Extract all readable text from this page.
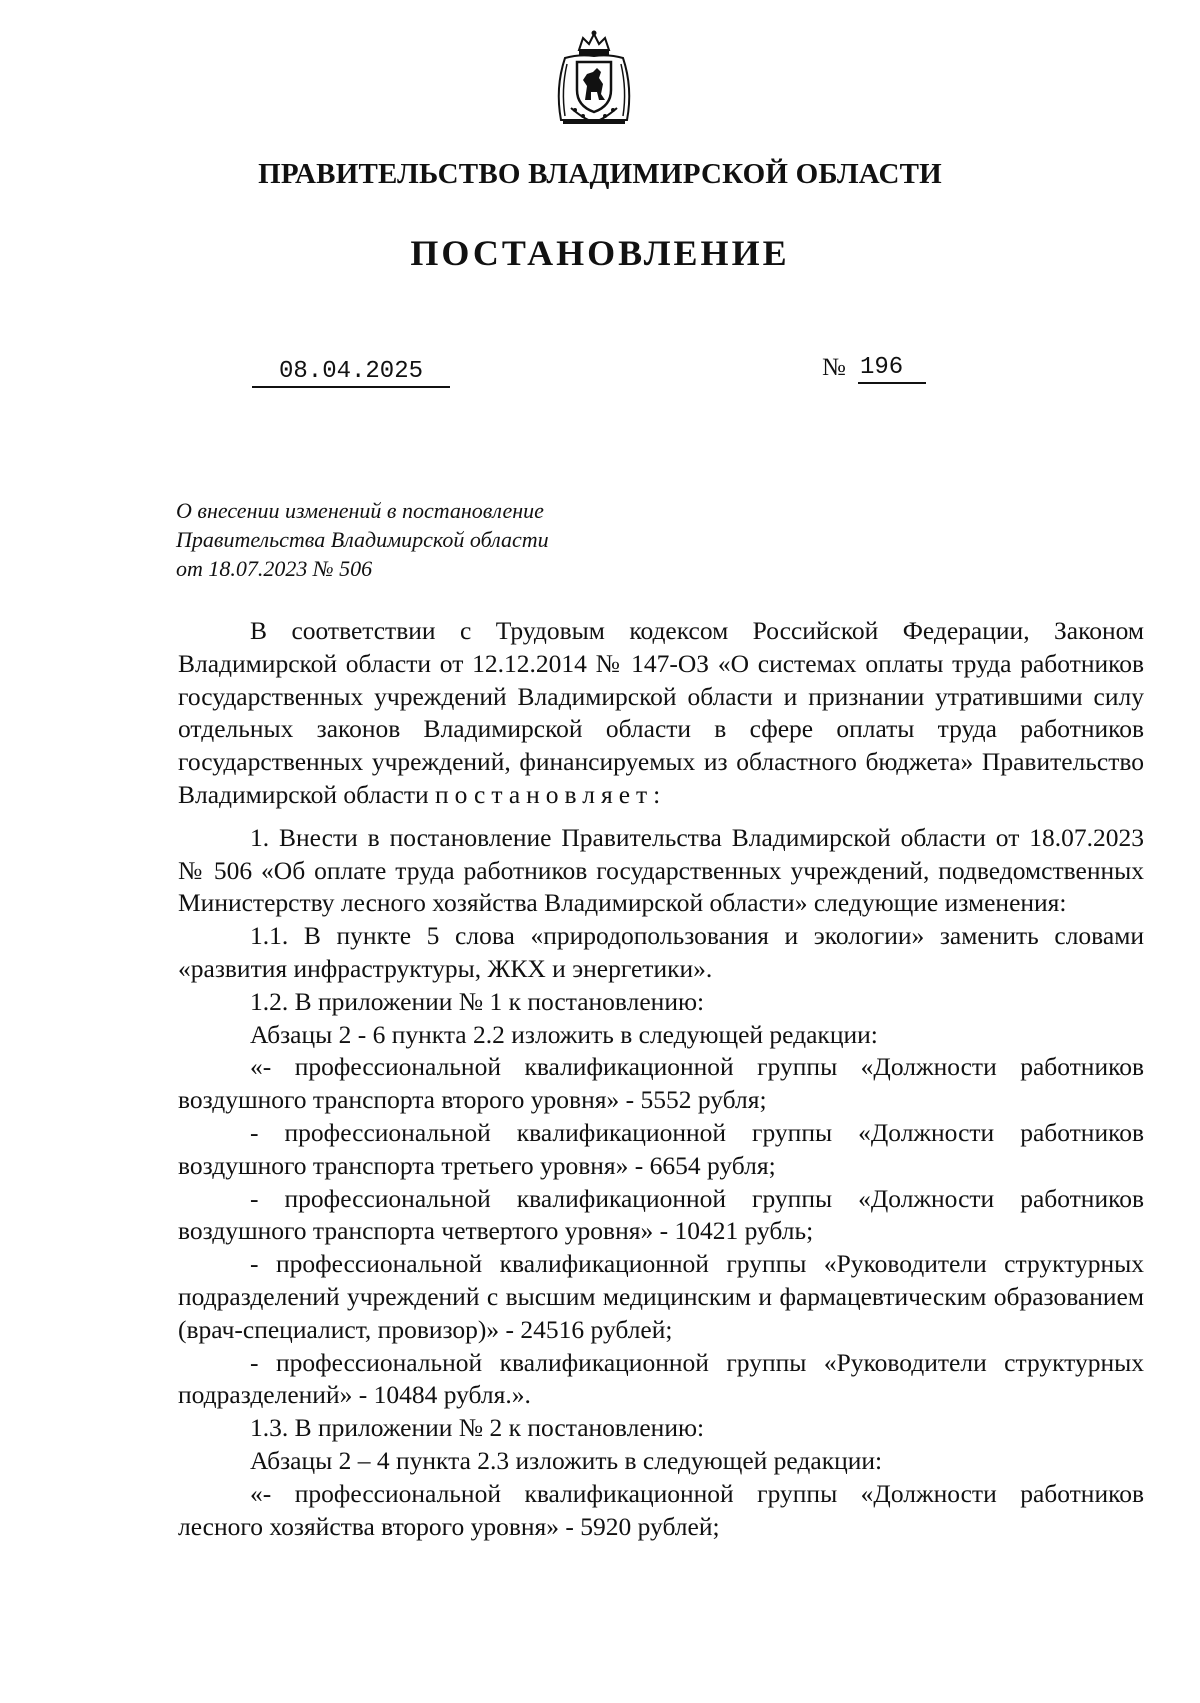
ПРАВИТЕЛЬСТВО ВЛАДИМИРСКОЙ ОБЛАСТИ
ПОСТАНОВЛЕНИЕ
08.04.2025	№ 196
О внесении изменений в постановление
Правительства Владимирской области
от 18.07.2023 № 506

В соответствии с Трудовым кодексом Российской Федерации, Законом Владимирской области от 12.12.2014 № 147-ОЗ «О системах оплаты труда работников государственных учреждений Владимирской области и признании утратившими силу отдельных законов Владимирской области в сфере оплаты труда работников государственных учреждений, финансируемых из областного бюджета» Правительство Владимирской области постановляет:

1. Внести в постановление Правительства Владимирской области от 18.07.2023 № 506 «Об оплате труда работников государственных учреждений, подведомственных Министерству лесного хозяйства Владимирской области» следующие изменения:

1.1. В пункте 5 слова «природопользования и экологии» заменить словами «развития инфраструктуры, ЖКХ и энергетики».

1.2. В приложении № 1 к постановлению:

Абзацы 2 - 6 пункта 2.2 изложить в следующей редакции:

«- профессиональной квалификационной группы «Должности работников воздушного транспорта второго уровня» - 5552 рубля;

- профессиональной квалификационной группы «Должности работников воздушного транспорта третьего уровня» - 6654 рубля;

- профессиональной квалификационной группы «Должности работников воздушного транспорта четвертого уровня» - 10421 рубль;

- профессиональной квалификационной группы «Руководители структурных подразделений учреждений с высшим медицинским и фармацевтическим образованием (врач-специалист, провизор)» - 24516 рублей;

- профессиональной квалификационной группы «Руководители структурных подразделений» - 10484 рубля.».

1.3. В приложении № 2 к постановлению:

Абзацы 2 – 4 пункта 2.3 изложить в следующей редакции:

«- профессиональной квалификационной группы «Должности работников лесного хозяйства второго уровня» - 5920 рублей;
